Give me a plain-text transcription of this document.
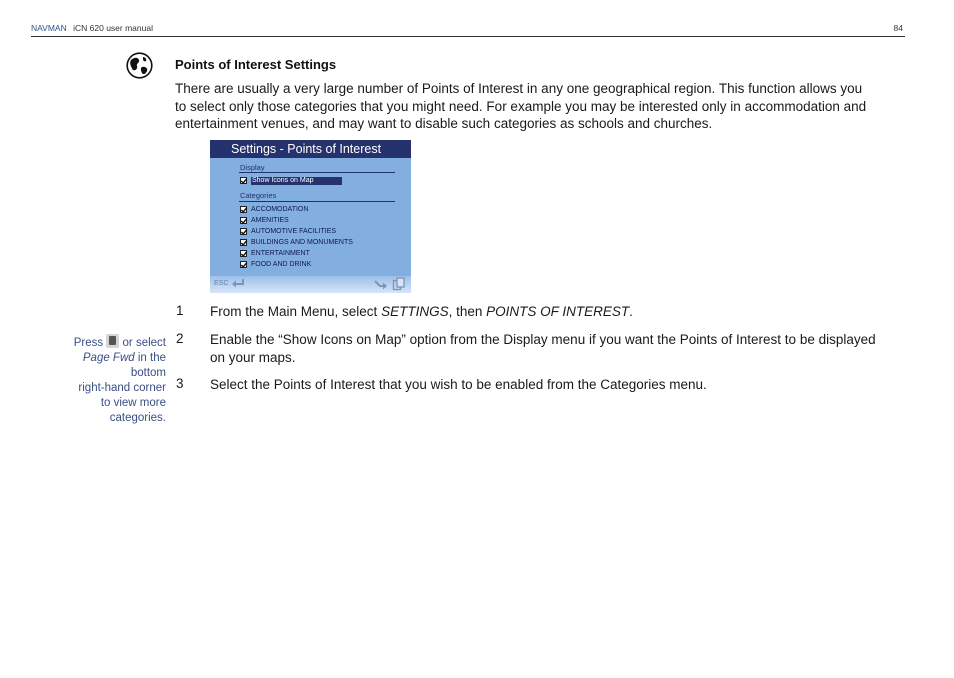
NAVMAN iCN 620 user manual	84
Points of Interest Settings
There are usually a very large number of Points of Interest in any one geographical region. This function allows you
to select only those categories that you might need. For example you may be interested only in accommodation and
entertainment venues, and may want to disable such categories as schools and churches.
Settings - Points of Interest
Display
Show Icons on Map
Categories
ACCOMODATION
AMENITIES
AUTOMOTIVE FACILITIES
BUILDINGS AND MONUMENTS
ENTERTAINMENT
FOOD AND DRINK
ESC
1 From the Main Menu, select SETTINGS, then POINTS OF INTEREST.
2 Enable the “Show Icons on Map” option from the Display menu if you want the Points of Interest to be displayed
on your maps.
3 Select the Points of Interest that you wish to be enabled from the Categories menu.
Press or select
Page Fwd in the
bottom
right-hand corner
to view more
categories.
